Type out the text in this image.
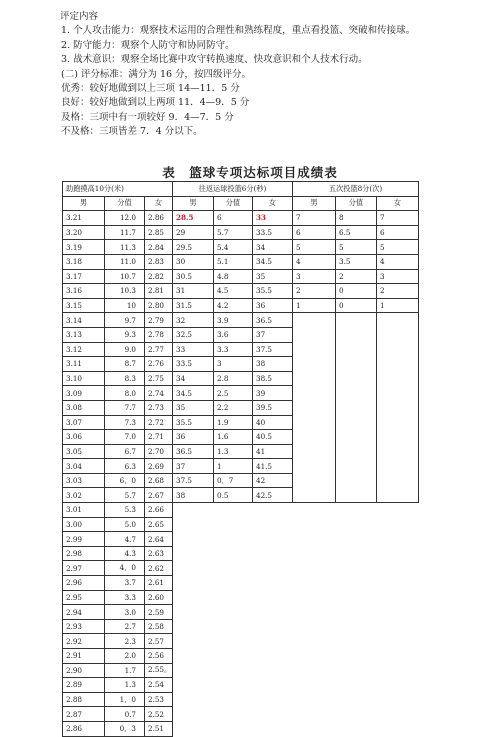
评定内容

1. 个人攻击能力：观察技术运用的合理性和熟练程度，重点看投篮、突破和传接球。

2. 防守能力：观察个人防守和协同防守。

3. 战术意识：观察全场比赛中攻守转换速度、快攻意识和个人技术行动。

(二) 评分标准：满分为 16 分，按四级评分。

优秀：较好地做到以上三项 14—11．5 分

良好：较好地做到以上两项 11．4—9．5 分

及格：三项中有一项较好 9．4—7．5 分

不及格：三项皆差 7．4 分以下。

表　篮球专项达标项目成绩表
助跑摸高10分(米)			往返运球投篮6分(秒)			五次投篮8分(次)		
男	分值	女	男	分值	女	男	分值	女
3.21	12.0	2.86	28.5	6	33	7	8	7
3.20	11.7	2.85	29	5.7	33.5	6	6.5	6
3.19	11.3	2.84	29.5	5.4	34	5	5	5
3.18	11.0	2.83	30	5.1	34.5	4	3.5	4
3.17	10.7	2.82	30.5	4.8	35	3	2	3
3.16	10.3	2.81	31	4.5	35.5	2	0	2
3.15	10	2.80	31.5	4.2	36	1	0	1
3.14	9.7	2.79	32	3.9	36.5			
3.13	9.3	2.78	32.5	3.6	37			
3.12	9.0	2.77	33	3.3	37.5			
3.11	8.7	2.76	33.5	3	38			
3.10	8.3	2.75	34	2.8	38.5			
3.09	8.0	2.74	34.5	2.5	39			
3.08	7.7	2.73	35	2.2	39.5			
3.07	7.3	2.72	35.5	1.9	40			
3.06	7.0	2.71	36	1.6	40.5			
3.05	6.7	2.70	36.5	1.3	41			
3.04	6.3	2.69	37	1	41.5			
3.03	6．0	2.68	37.5	0．7	42			
3.02	5.7	2.67	38	0.5	42.5			
3.01	5.3	2.66						
3.00	5.0	2.65						
2.99	4.7	2.64						
2.98	4.3	2.63						
2.97	4．0	2.62						
2.96	3.7	2.61						
2.95	3.3	2.60						
2.94	3.0	2.59						
2.93	2.7	2.58						
2.92	2.3	2.57						
2.91	2.0	2.56						
2.90	1.7	2.55。						
2.89	1.3	2.54						
2.88	1．0	2.53						
2.87	0.7	2.52						
2.86	0．3	2.51						
